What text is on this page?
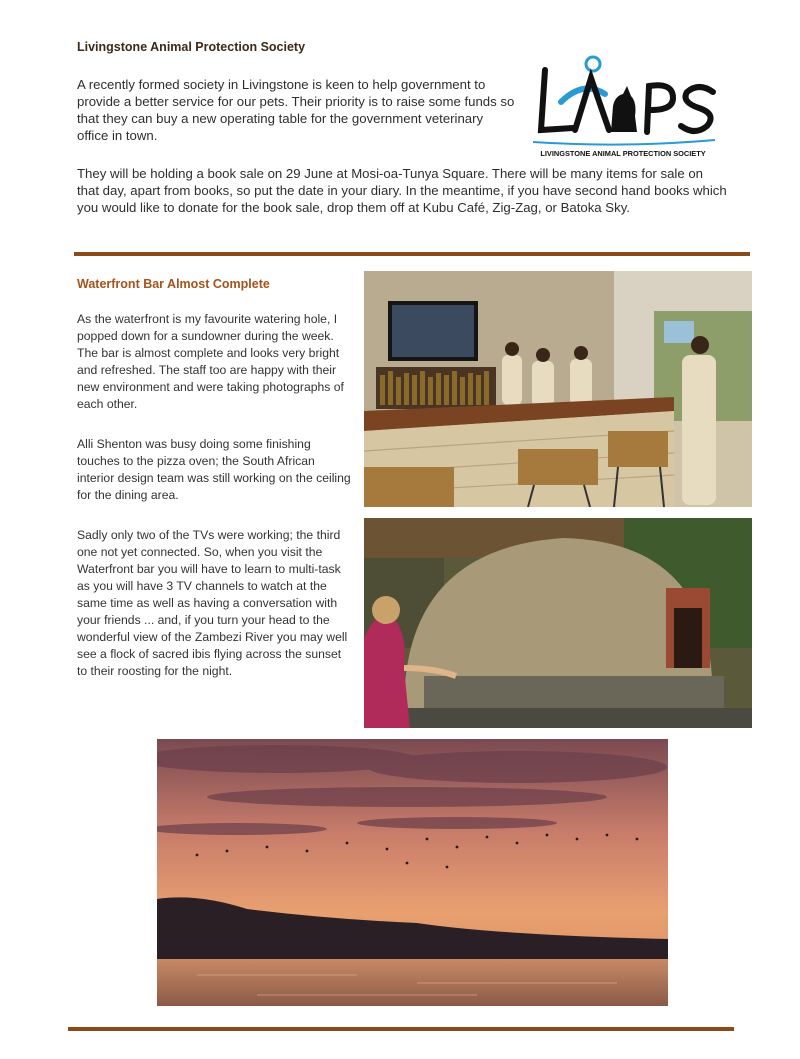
Livingstone Animal Protection Society

A recently formed society in Livingstone is keen to help government to provide a better service for our pets. Their priority is to raise some funds so that they can buy a new operating table for the government veterinary office in town.

They will be holding a book sale on 29 June at Mosi-oa-Tunya Square. There will be many items for sale on that day, apart from books, so put the date in your diary. In the meantime, if you have second hand books which you would like to donate for the book sale, drop them off at Kubu Café, Zig-Zag, or Batoka Sky.

LIVINGSTONE ANIMAL PROTECTION SOCIETY
Waterfront Bar Almost Complete

As the waterfront is my favourite watering hole, I popped down for a sundowner during the week. The bar is almost complete and looks very bright and refreshed. The staff too are happy with their new environment and were taking photographs of each other.

Alli Shenton was busy doing some finishing touches to the pizza oven; the South African interior design team was still working on the ceiling for the dining area.

Sadly only two of the TVs were working; the third one not yet connected. So, when you visit the Waterfront bar you will have to learn to multi-task as you will have 3 TV channels to watch at the same time as well as having a conversation with your friends ... and, if you turn your head to the wonderful view of the Zambezi River you may well see a flock of sacred ibis flying across the sunset to their roosting for the night.
